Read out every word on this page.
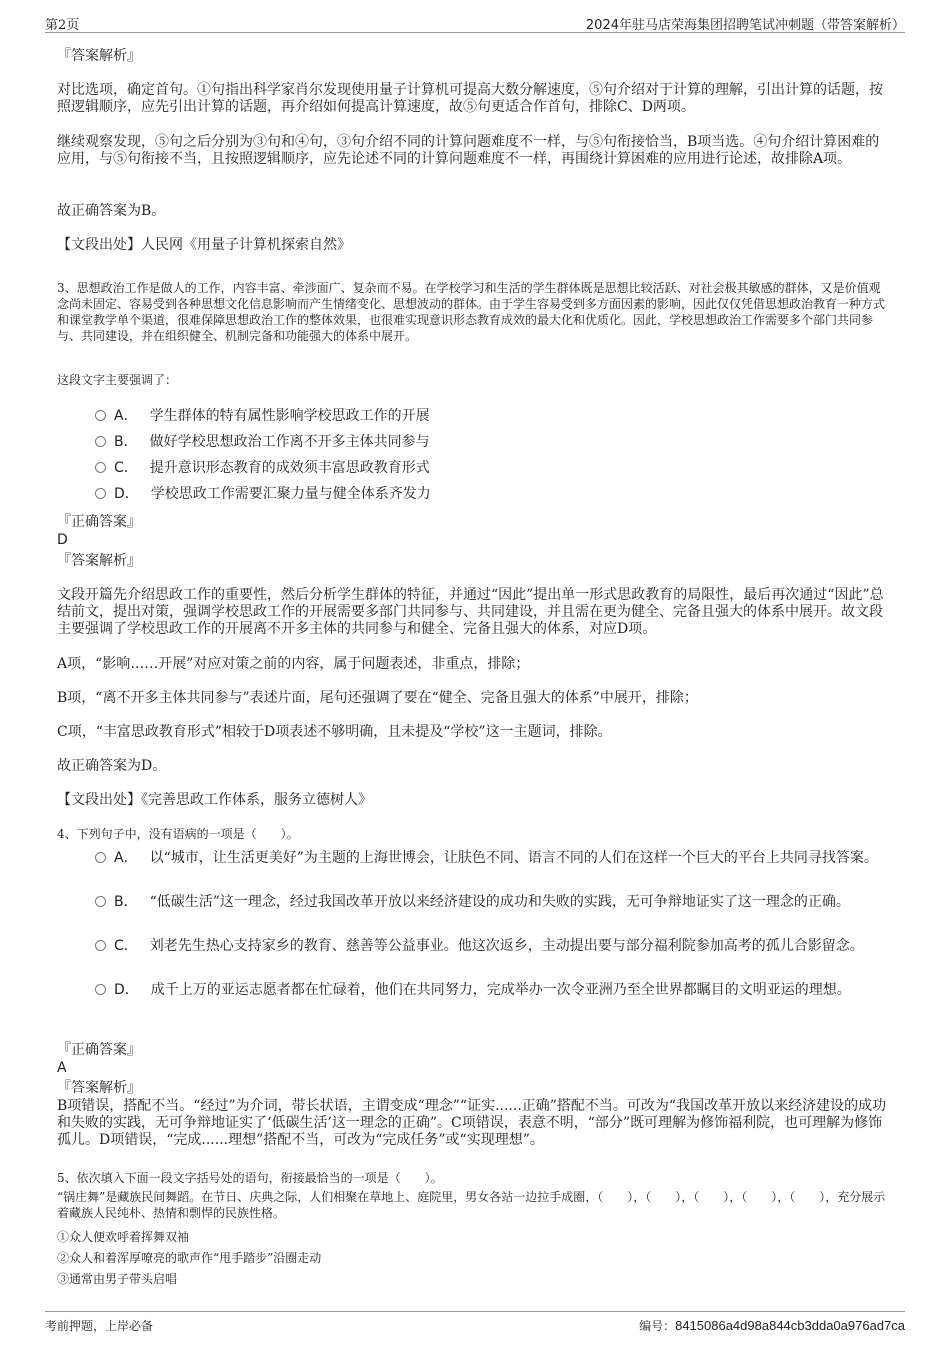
第2页	2024年驻马店荣海集团招聘笔试冲刺题（带答案解析）

『答案解析』

对比选项，确定首句。①句指出科学家肖尔发现使用量子计算机可提高大数分解速度，⑤句介绍对于计算的理解，引出计算的话题，按照逻辑顺序，应先引出计算的话题，再介绍如何提高计算速度，故⑤句更适合作首句，排除C、D两项。

继续观察发现，⑤句之后分别为③句和④句，③句介绍不同的计算问题难度不一样，与⑤句衔接恰当，B项当选。④句介绍计算困难的应用，与⑤句衔接不当，且按照逻辑顺序，应先论述不同的计算问题难度不一样，再围绕计算困难的应用进行论述，故排除A项。

故正确答案为B。

【文段出处】人民网《用量子计算机探索自然》

3、思想政治工作是做人的工作，内容丰富、牵涉面广、复杂而不易。在学校学习和生活的学生群体既是思想比较活跃、对社会极其敏感的群体，又是价值观念尚未固定、容易受到各种思想文化信息影响而产生情绪变化、思想波动的群体。由于学生容易受到多方面因素的影响，因此仅仅凭借思想政治教育一种方式和课堂教学单个渠道，很难保障思想政治工作的整体效果，也很难实现意识形态教育成效的最大化和优质化。因此，学校思想政治工作需要多个部门共同参与、共同建设，并在组织健全、机制完备和功能强大的体系中展开。

这段文字主要强调了：

A． 学生群体的特有属性影响学校思政工作的开展
B． 做好学校思想政治工作离不开多主体共同参与
C． 提升意识形态教育的成效须丰富思政教育形式
D． 学校思政工作需要汇聚力量与健全体系齐发力

『正确答案』

D

『答案解析』

文段开篇先介绍思政工作的重要性，然后分析学生群体的特征，并通过“因此”提出单一形式思政教育的局限性，最后再次通过“因此”总结前文，提出对策，强调学校思政工作的开展需要多部门共同参与、共同建设，并且需在更为健全、完备且强大的体系中展开。故文段主要强调了学校思政工作的开展离不开多主体的共同参与和健全、完备且强大的体系，对应D项。

A项，“影响……开展”对应对策之前的内容，属于问题表述，非重点，排除；

B项，“离不开多主体共同参与”表述片面，尾句还强调了要在“健全、完备且强大的体系”中展开，排除；

C项，“丰富思政教育形式”相较于D项表述不够明确，且未提及“学校”这一主题词，排除。

故正确答案为D。

【文段出处】《完善思政工作体系，服务立德树人》

4、下列句子中，没有语病的一项是（　　）。

A． 以“城市，让生活更美好”为主题的上海世博会，让肤色不同、语言不同的人们在这样一个巨大的平台上共同寻找答案。
B． “低碳生活”这一理念，经过我国改革开放以来经济建设的成功和失败的实践，无可争辩地证实了这一理念的正确。
C． 刘老先生热心支持家乡的教育、慈善等公益事业。他这次返乡，主动提出要与部分福利院参加高考的孤儿合影留念。
D． 成千上万的亚运志愿者都在忙碌着，他们在共同努力，完成举办一次令亚洲乃至全世界都瞩目的文明亚运的理想。

『正确答案』

A

『答案解析』

B项错误，搭配不当。“经过”为介词，带长状语，主谓变成“理念”“证实......正确”搭配不当。可改为“我国改革开放以来经济建设的成功和失败的实践，无可争辩地证实了‘低碳生活’这一理念的正确”。C项错误，表意不明，“部分”既可理解为修饰福利院，也可理解为修饰孤儿。D项错误，“完成......理想”搭配不当，可改为“完成任务”或“实现理想”。

5、依次填入下面一段文字括号处的语句，衔接最恰当的一项是（　　）。

“锅庄舞”是藏族民间舞蹈。在节日、庆典之际，人们相聚在草地上、庭院里，男女各站一边拉手成圈，（　　），（　　），（　　），（　　），（　　），充分展示着藏族人民纯朴、热情和剽悍的民族性格。

①众人便欢呼着挥舞双袖

②众人和着浑厚嘹亮的歌声作“甩手踏步”沿圈走动

③通常由男子带头启唱

考前押题，上岸必备	编号：8415086a4d98a844cb3dda0a976ad7ca
